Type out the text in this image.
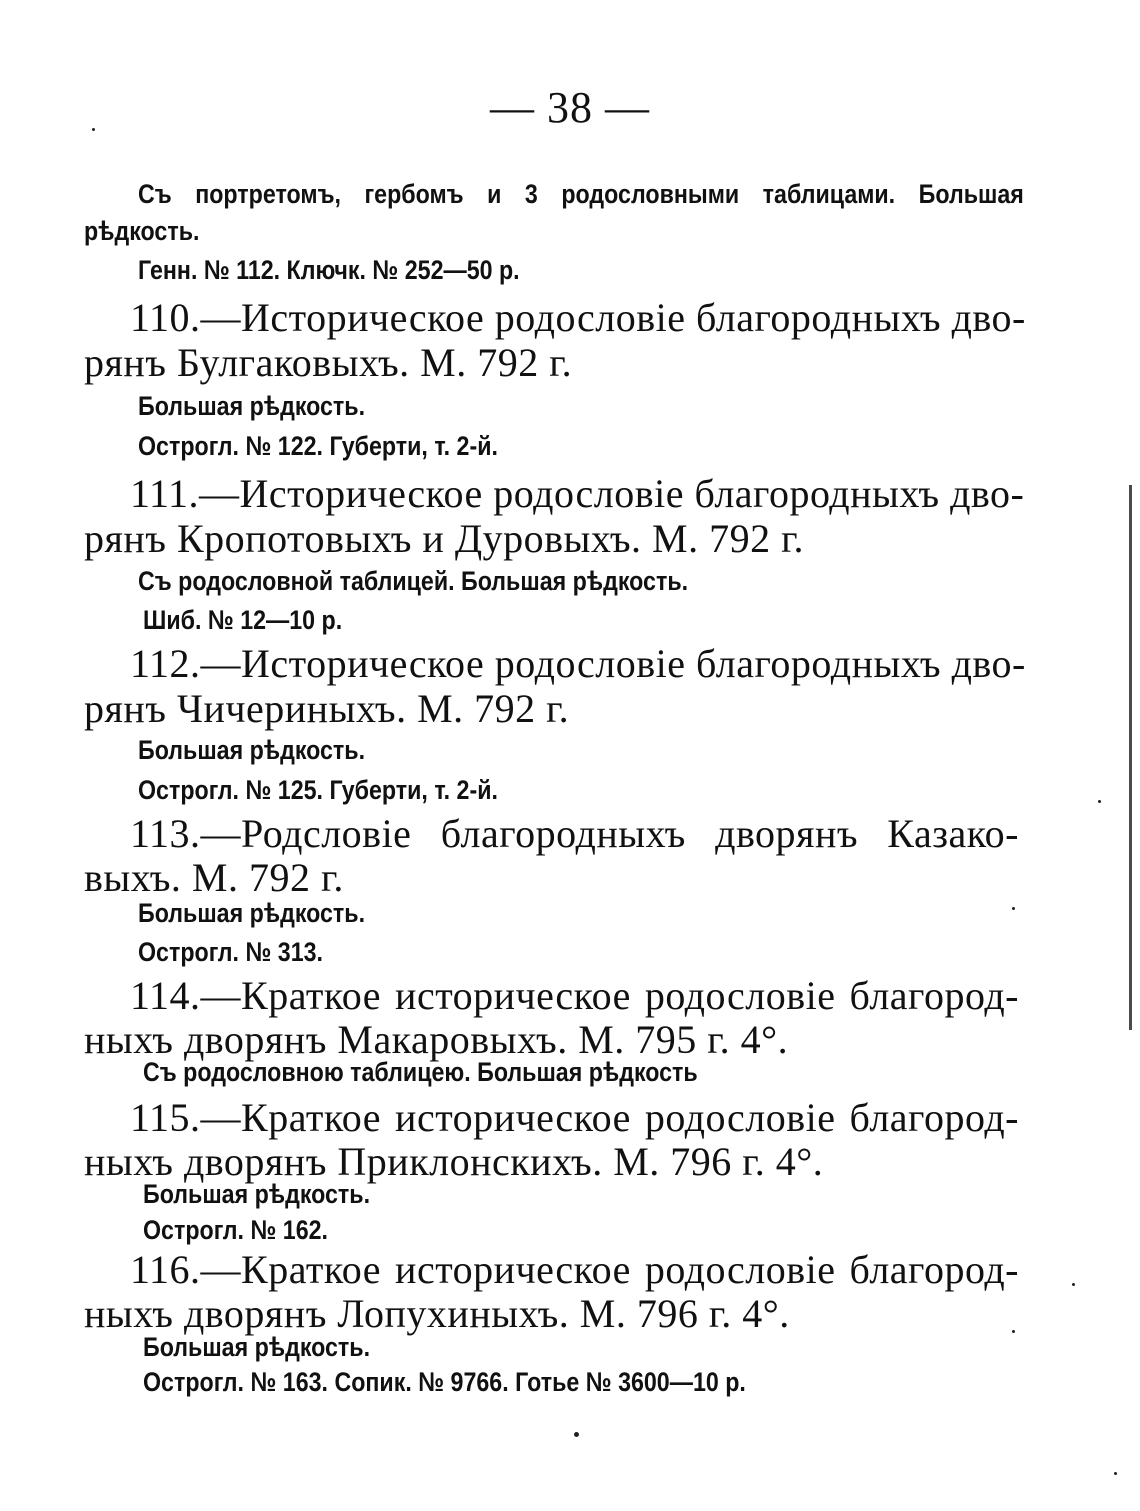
— 38 —
Съ портретомъ, гербомъ и 3 родословными таблицами. Большая
рѣдкость.
Генн. № 112. Ключк. № 252—50 р.
110.—Историческое родословіе благородныхъ дво-
рянъ Булгаковыхъ. М. 792 г.
Большая рѣдкость.
Острогл. № 122. Губерти, т. 2-й.
111.—Историческое родословіе благородныхъ дво-
рянъ Кропотовыхъ и Дуровыхъ. М. 792 г.
Съ родословной таблицей. Большая рѣдкость.
Шиб. № 12—10 р.
112.—Историческое родословіе благородныхъ дво-
рянъ Чичериныхъ. М. 792 г.
Большая рѣдкость.
Острогл. № 125. Губерти, т. 2-й.
113.—Родсловіе благородныхъ дворянъ Казако-
выхъ. М. 792 г.
Большая рѣдкость.
Острогл. № 313.
114.—Краткое историческое родословіе благород-
ныхъ дворянъ Макаровыхъ. М. 795 г. 4°.
Съ родословною таблицею. Большая рѣдкость
115.—Краткое историческое родословіе благород-
ныхъ дворянъ Приклонскихъ. М. 796 г. 4°.
Большая рѣдкость.
Острогл. № 162.
116.—Краткое историческое родословіе благород-
ныхъ дворянъ Лопухиныхъ. М. 796 г. 4°.
Большая рѣдкость.
Острогл. № 163. Сопик. № 9766. Готье № 3600—10 р.
